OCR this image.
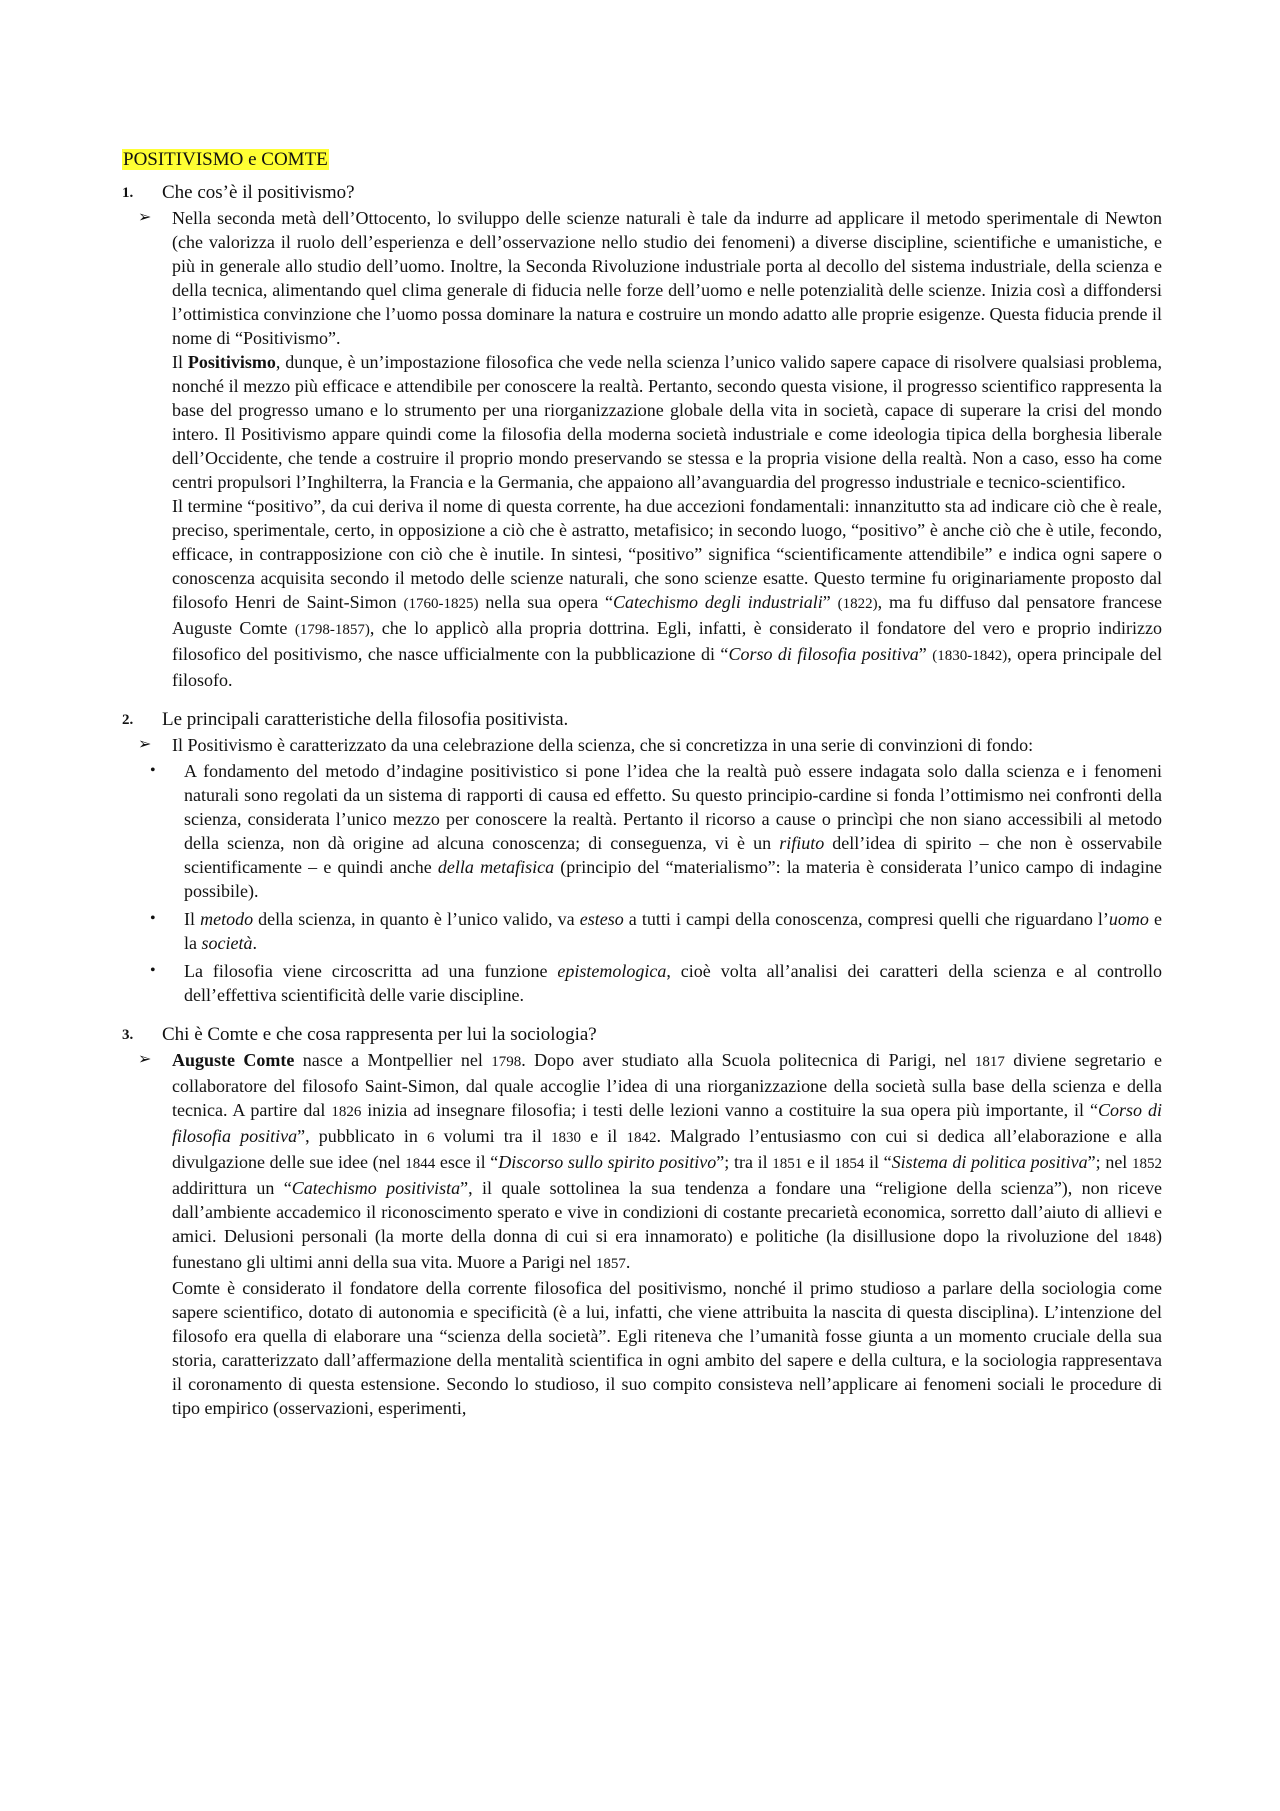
POSITIVISMO e COMTE
1.	Che cos’è il positivismo?
➢	Nella seconda metà dell’Ottocento, lo sviluppo delle scienze naturali è tale da indurre ad applicare il metodo sperimentale di Newton (che valorizza il ruolo dell’esperienza e dell’osservazione nello studio dei fenomeni) a diverse discipline, scientifiche e umanistiche, e più in generale allo studio dell’uomo. Inoltre, la Seconda Rivoluzione industriale porta al decollo del sistema industriale, della scienza e della tecnica, alimentando quel clima generale di fiducia nelle forze dell’uomo e nelle potenzialità delle scienze. Inizia così a diffondersi l’ottimistica convinzione che l’uomo possa dominare la natura e costruire un mondo adatto alle proprie esigenze. Questa fiducia prende il nome di “Positivismo”.

Il Positivismo, dunque, è un’impostazione filosofica che vede nella scienza l’unico valido sapere capace di risolvere qualsiasi problema, nonché il mezzo più efficace e attendibile per conoscere la realtà. Pertanto, secondo questa visione, il progresso scientifico rappresenta la base del progresso umano e lo strumento per una riorganizzazione globale della vita in società, capace di superare la crisi del mondo intero. Il Positivismo appare quindi come la filosofia della moderna società industriale e come ideologia tipica della borghesia liberale dell’Occidente, che tende a costruire il proprio mondo preservando se stessa e la propria visione della realtà. Non a caso, esso ha come centri propulsori l’Inghilterra, la Francia e la Germania, che appaiono all’avanguardia del progresso industriale e tecnico-scientifico.

Il termine “positivo”, da cui deriva il nome di questa corrente, ha due accezioni fondamentali: innanzitutto sta ad indicare ciò che è reale, preciso, sperimentale, certo, in opposizione a ciò che è astratto, metafisico; in secondo luogo, “positivo” è anche ciò che è utile, fecondo, efficace, in contrapposizione con ciò che è inutile. In sintesi, “positivo” significa “scientificamente attendibile” e indica ogni sapere o conoscenza acquisita secondo il metodo delle scienze naturali, che sono scienze esatte. Questo termine fu originariamente proposto dal filosofo Henri de Saint-Simon (1760-1825) nella sua opera “Catechismo degli industriali” (1822), ma fu diffuso dal pensatore francese Auguste Comte (1798-1857), che lo applicò alla propria dottrina. Egli, infatti, è considerato il fondatore del vero e proprio indirizzo filosofico del positivismo, che nasce ufficialmente con la pubblicazione di “Corso di filosofia positiva” (1830-1842), opera principale del filosofo.

2.	Le principali caratteristiche della filosofia positivista.
➢	Il Positivismo è caratterizzato da una celebrazione della scienza, che si concretizza in una serie di convinzioni di fondo:

•	A fondamento del metodo d’indagine positivistico si pone l’idea che la realtà può essere indagata solo dalla scienza e i fenomeni naturali sono regolati da un sistema di rapporti di causa ed effetto. Su questo principio-cardine si fonda l’ottimismo nei confronti della scienza, considerata l’unico mezzo per conoscere la realtà. Pertanto il ricorso a cause o princìpi che non siano accessibili al metodo della scienza, non dà origine ad alcuna conoscenza; di conseguenza, vi è un rifiuto dell’idea di spirito – che non è osservabile scientificamente – e quindi anche della metafisica (principio del “materialismo”: la materia è considerata l’unico campo di indagine possibile).
•	Il metodo della scienza, in quanto è l’unico valido, va esteso a tutti i campi della conoscenza, compresi quelli che riguardano l’uomo e la società.
•	La filosofia viene circoscritta ad una funzione epistemologica, cioè volta all’analisi dei caratteri della scienza e al controllo dell’effettiva scientificità delle varie discipline.
3.	Chi è Comte e che cosa rappresenta per lui la sociologia?
➢	Auguste Comte nasce a Montpellier nel 1798. Dopo aver studiato alla Scuola politecnica di Parigi, nel 1817 diviene segretario e collaboratore del filosofo Saint-Simon, dal quale accoglie l’idea di una riorganizzazione della società sulla base della scienza e della tecnica. A partire dal 1826 inizia ad insegnare filosofia; i testi delle lezioni vanno a costituire la sua opera più importante, il “Corso di filosofia positiva”, pubblicato in 6 volumi tra il 1830 e il 1842. Malgrado l’entusiasmo con cui si dedica all’elaborazione e alla divulgazione delle sue idee (nel 1844 esce il “Discorso sullo spirito positivo”; tra il 1851 e il 1854 il “Sistema di politica positiva”; nel 1852 addirittura un “Catechismo positivista”, il quale sottolinea la sua tendenza a fondare una “religione della scienza”), non riceve dall’ambiente accademico il riconoscimento sperato e vive in condizioni di costante precarietà economica, sorretto dall’aiuto di allievi e amici. Delusioni personali (la morte della donna di cui si era innamorato) e politiche (la disillusione dopo la rivoluzione del 1848) funestano gli ultimi anni della sua vita. Muore a Parigi nel 1857.

Comte è considerato il fondatore della corrente filosofica del positivismo, nonché il primo studioso a parlare della sociologia come sapere scientifico, dotato di autonomia e specificità (è a lui, infatti, che viene attribuita la nascita di questa disciplina). L’intenzione del filosofo era quella di elaborare una “scienza della società”. Egli riteneva che l’umanità fosse giunta a un momento cruciale della sua storia, caratterizzato dall’affermazione della mentalità scientifica in ogni ambito del sapere e della cultura, e la sociologia rappresentava il coronamento di questa estensione. Secondo lo studioso, il suo compito consisteva nell’applicare ai fenomeni sociali le procedure di tipo empirico (osservazioni, esperimenti,
